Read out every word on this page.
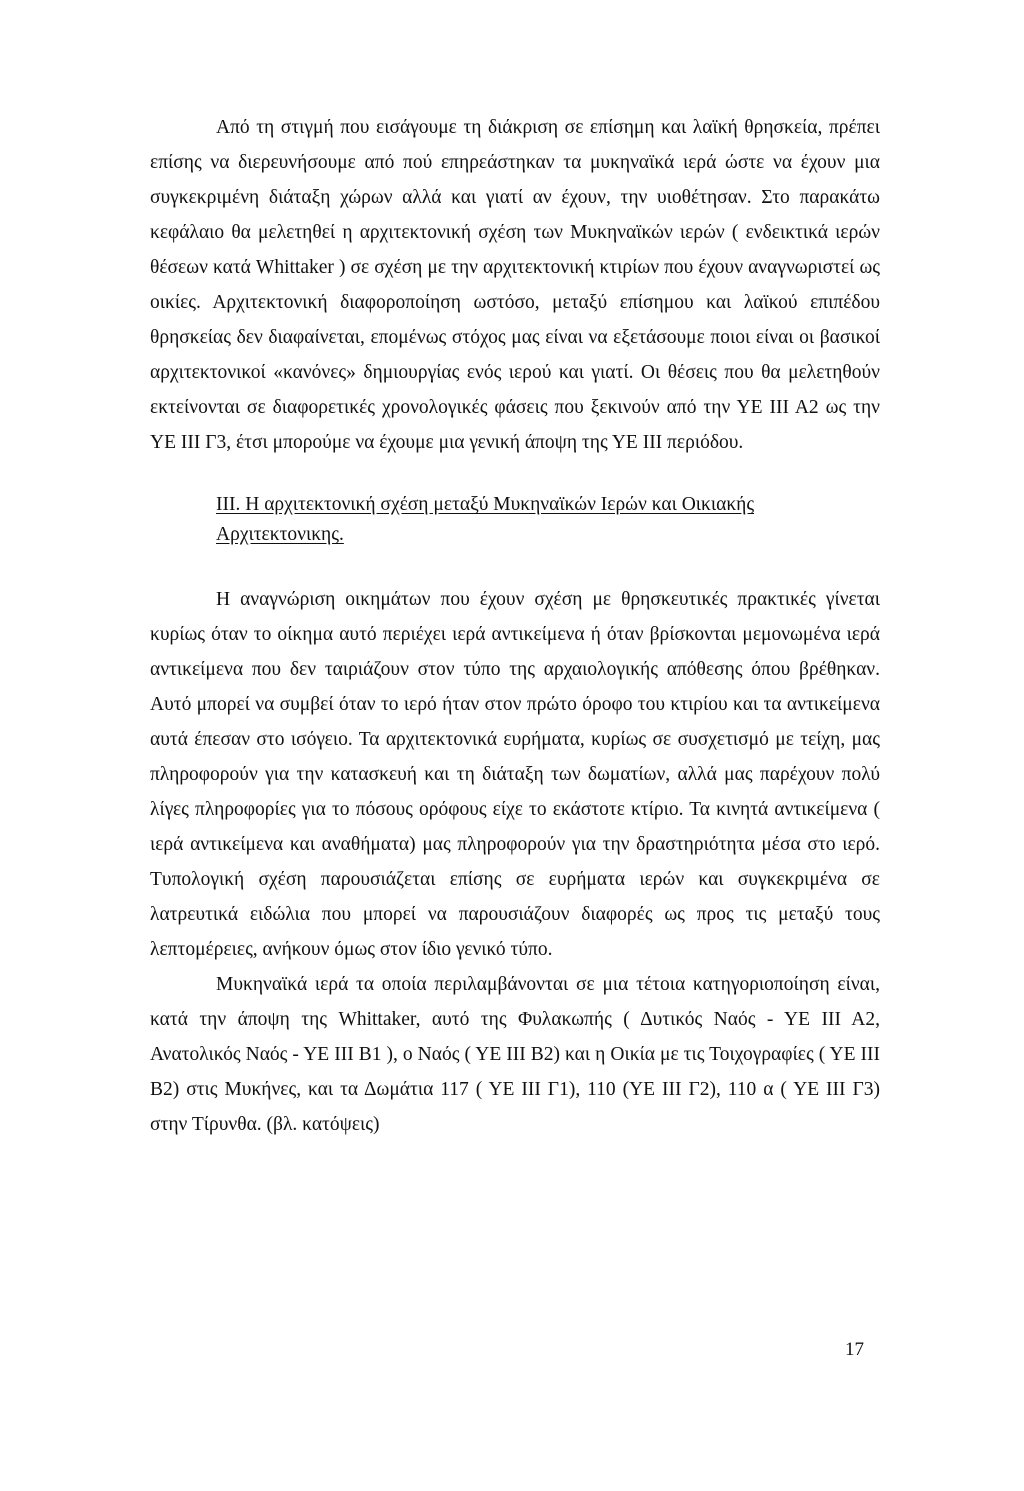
Από τη στιγμή που εισάγουμε τη διάκριση σε επίσημη και λαϊκή θρησκεία, πρέπει επίσης να διερευνήσουμε από πού επηρεάστηκαν τα μυκηναϊκά ιερά ώστε να έχουν μια συγκεκριμένη διάταξη χώρων αλλά και γιατί αν έχουν, την υιοθέτησαν. Στο παρακάτω κεφάλαιο θα μελετηθεί η αρχιτεκτονική σχέση των Μυκηναϊκών ιερών ( ενδεικτικά ιερών θέσεων κατά Whittaker ) σε σχέση με την αρχιτεκτονική κτιρίων που έχουν αναγνωριστεί ως οικίες. Αρχιτεκτονική διαφοροποίηση ωστόσο, μεταξύ επίσημου και λαϊκού επιπέδου θρησκείας δεν διαφαίνεται, επομένως στόχος μας είναι να εξετάσουμε ποιοι είναι οι βασικοί αρχιτεκτονικοί «κανόνες» δημιουργίας ενός ιερού και γιατί. Οι θέσεις που θα μελετηθούν εκτείνονται σε διαφορετικές χρονολογικές φάσεις που ξεκινούν από την ΥΕ ΙΙΙ Α2 ως την ΥΕ ΙΙΙ Γ3, έτσι μπορούμε να έχουμε μια γενική άποψη της ΥΕ ΙΙΙ περιόδου.

ΙΙΙ. Η αρχιτεκτονική σχέση μεταξύ Μυκηναϊκών Ιερών και Οικιακής Αρχιτεκτονικης.

Η αναγνώριση οικημάτων που έχουν σχέση με θρησκευτικές πρακτικές γίνεται κυρίως όταν το οίκημα αυτό περιέχει ιερά αντικείμενα ή όταν βρίσκονται μεμονωμένα ιερά αντικείμενα που δεν ταιριάζουν στον τύπο της αρχαιολογικής απόθεσης όπου βρέθηκαν. Αυτό μπορεί να συμβεί όταν το ιερό ήταν στον πρώτο όροφο του κτιρίου και τα αντικείμενα αυτά έπεσαν στο ισόγειο. Τα αρχιτεκτονικά ευρήματα, κυρίως σε συσχετισμό με τείχη, μας πληροφορούν για την κατασκευή και τη διάταξη των δωματίων, αλλά μας παρέχουν πολύ λίγες πληροφορίες για το πόσους ορόφους είχε το εκάστοτε κτίριο. Τα κινητά αντικείμενα ( ιερά αντικείμενα και αναθήματα) μας πληροφορούν για την δραστηριότητα μέσα στο ιερό. Τυπολογική σχέση παρουσιάζεται επίσης σε ευρήματα ιερών και συγκεκριμένα σε λατρευτικά ειδώλια που μπορεί να παρουσιάζουν διαφορές ως προς τις μεταξύ τους λεπτομέρειες, ανήκουν όμως στον ίδιο γενικό τύπο.

Μυκηναϊκά ιερά τα οποία περιλαμβάνονται σε μια τέτοια κατηγοριοποίηση είναι, κατά την άποψη της Whittaker, αυτό της Φυλακωπής ( Δυτικός Ναός - ΥΕ ΙΙΙ Α2, Ανατολικός Ναός - ΥΕ ΙΙΙ Β1 ), ο Ναός ( ΥΕ ΙΙΙ Β2) και η Οικία με τις Τοιχογραφίες ( ΥΕ ΙΙΙ Β2) στις Μυκήνες, και τα Δωμάτια 117 ( ΥΕ ΙΙΙ Γ1), 110 (ΥΕ ΙΙΙ Γ2), 110 α ( ΥΕ ΙΙΙ Γ3) στην Τίρυνθα. (βλ. κατόψεις)

17
